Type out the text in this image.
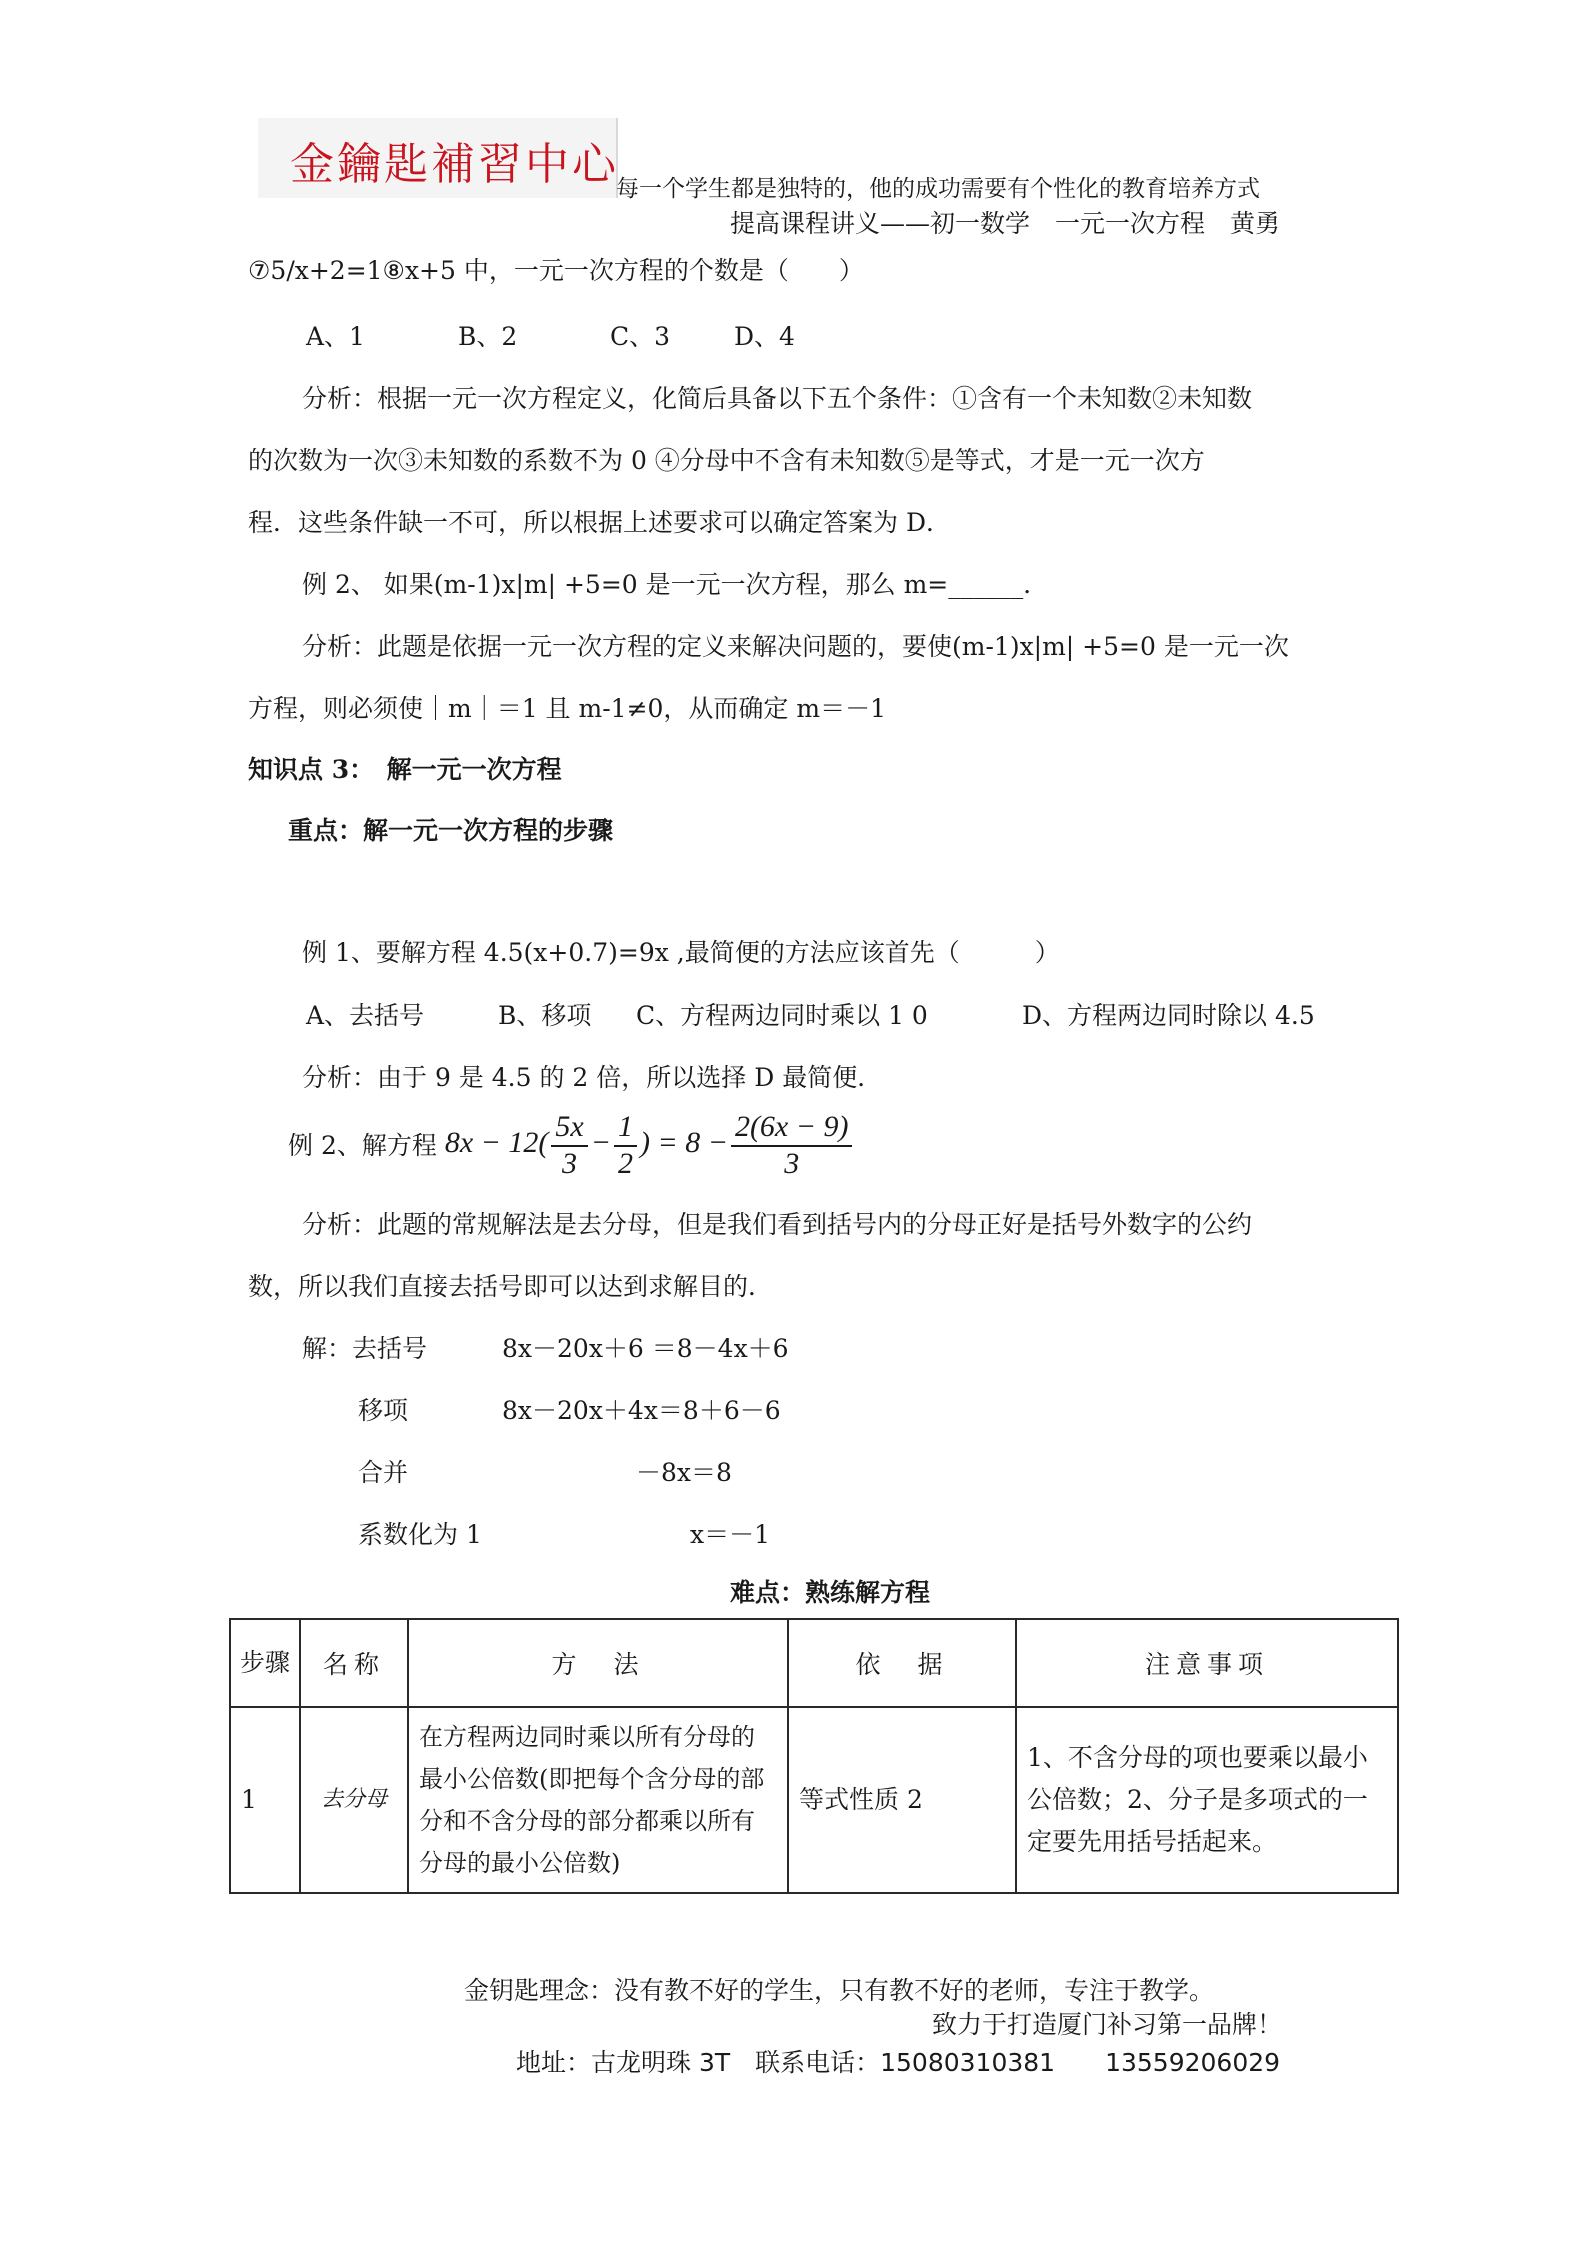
金鑰匙補習中心
每一个学生都是独特的，他的成功需要有个性化的教育培养方式
提高课程讲义——初一数学　一元一次方程　黄勇
⑦5/x+2=1⑧x+5 中，一元一次方程的个数是（　　）
A、1	B、2	C、3	D、4
分析：根据一元一次方程定义，化简后具备以下五个条件：①含有一个未知数②未知数
的次数为一次③未知数的系数不为 0 ④分母中不含有未知数⑤是等式，才是一元一次方
程．这些条件缺一不可，所以根据上述要求可以确定答案为 D．
例 2、 如果(m-1)x|m| +5=0 是一元一次方程，那么 m=______．
分析：此题是依据一元一次方程的定义来解决问题的，要使(m-1)x|m| +5=0 是一元一次
方程，则必须使｜m｜＝1 且 m-1≠0，从而确定 m＝－1
知识点 3：　解一元一次方程
重点：解一元一次方程的步骤
例 1、要解方程 4.5(x+0.7)=9x ,最简便的方法应该首先（　　　）
A、去括号	B、移项 C、方程两边同时乘以 1 0	D、方程两边同时除以 4.5
分析：由于 9 是 4.5 的 2 倍，所以选择 D 最简便．
例 2、解方程 $8x - 12( \frac{5x}{3} - \frac{1}{2}$ ) = $8 - \frac{2(6x - 9)}{3}$
分析：此题的常规解法是去分母，但是我们看到括号内的分母正好是括号外数字的公约
数，所以我们直接去括号即可以达到求解目的．
解：去括号	8x－20x＋6 ＝8－4x＋6
移项	8x－20x＋4x＝8＋6－6
合并	－8x＝8
系数化为 1	x＝－1
难点：熟练解方程
步骤	名称	方　法	依　据	注意事项
1	去分母	在方程两边同时乘以所有分母的最小公倍数(即把每个含分母的部分和不含分母的部分都乘以所有分母的最小公倍数)	等式性质 2	1、不含分母的项也要乘以最小公倍数；2、分子是多项式的一定要先用括号括起来。
金钥匙理念：没有教不好的学生，只有教不好的老师，专注于教学。
致力于打造厦门补习第一品牌！
地址：古龙明珠 3T　联系电话：15080310381　　13559206029
